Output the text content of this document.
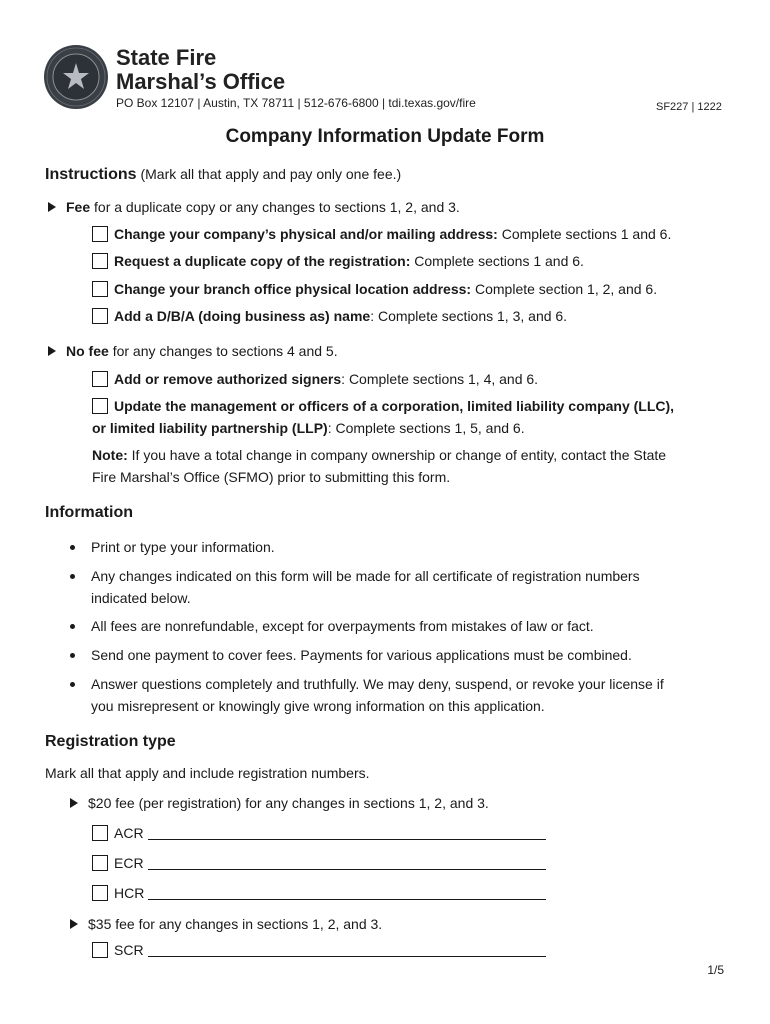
State Fire
Marshal’s Office
PO Box 12107 | Austin, TX 78711 | 512-676-6800 | tdi.texas.gov/fire	SF227 | 1222
Company Information Update Form
Instructions (Mark all that apply and pay only one fee.)
Fee for a duplicate copy or any changes to sections 1, 2, and 3.
Change your company’s physical and/or mailing address: Complete sections 1 and 6.
Request a duplicate copy of the registration: Complete sections 1 and 6.
Change your branch office physical location address: Complete section 1, 2, and 6.
Add a D/B/A (doing business as) name: Complete sections 1, 3, and 6.
No fee for any changes to sections 4 and 5.
Add or remove authorized signers: Complete sections 1, 4, and 6.
Update the management or officers of a corporation, limited liability company (LLC),
or limited liability partnership (LLP): Complete sections 1, 5, and 6.
Note: If you have a total change in company ownership or change of entity, contact the State
Fire Marshal’s Office (SFMO) prior to submitting this form.
Information
Print or type your information.
Any changes indicated on this form will be made for all certificate of registration numbers
indicated below.
All fees are nonrefundable, except for overpayments from mistakes of law or fact.
Send one payment to cover fees. Payments for various applications must be combined.
Answer questions completely and truthfully. We may deny, suspend, or revoke your license if
you misrepresent or knowingly give wrong information on this application.
Registration type
Mark all that apply and include registration numbers.
$20 fee (per registration) for any changes in sections 1, 2, and 3.
ACR
ECR
HCR
$35 fee for any changes in sections 1, 2, and 3.
SCR
1/5
